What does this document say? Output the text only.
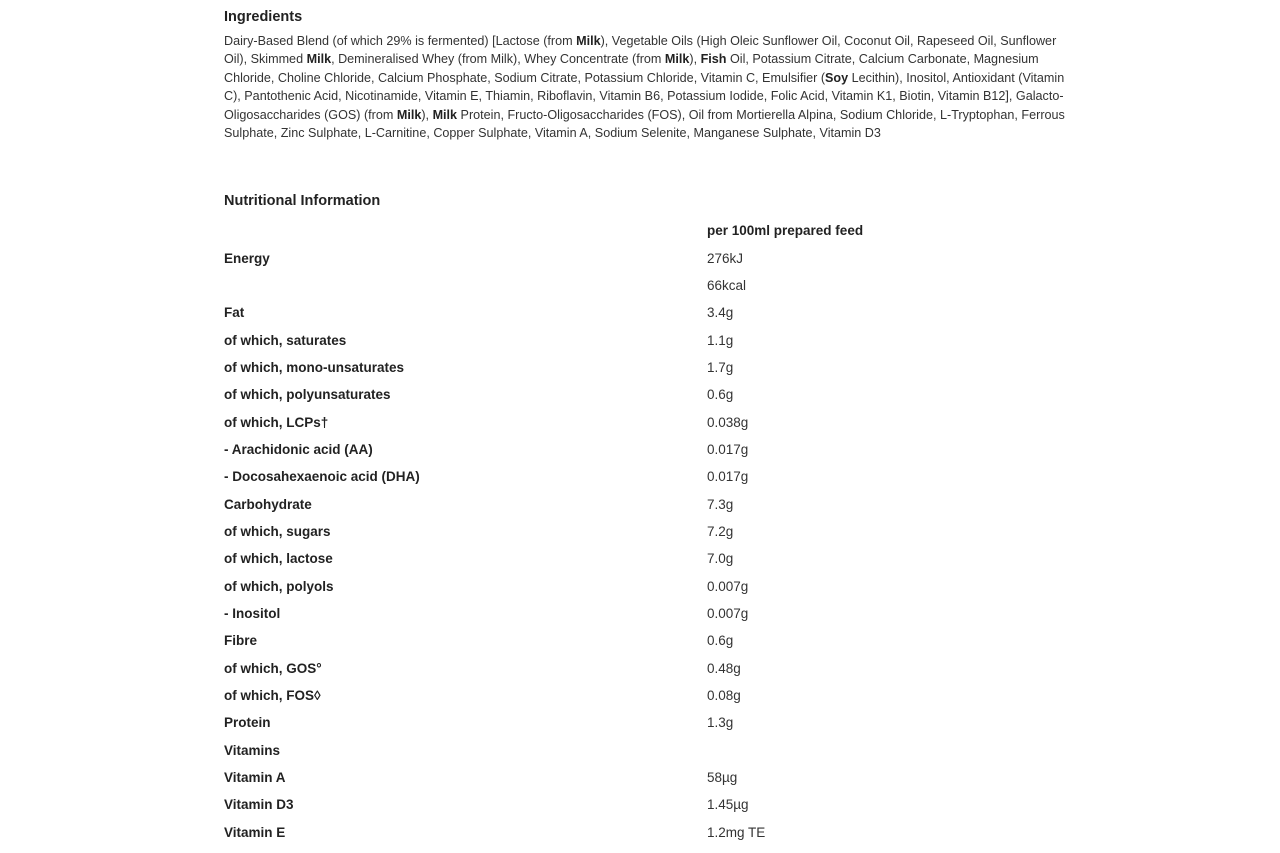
Ingredients
Dairy-Based Blend (of which 29% is fermented) [Lactose (from Milk), Vegetable Oils (High Oleic Sunflower Oil, Coconut Oil, Rapeseed Oil, Sunflower Oil), Skimmed Milk, Demineralised Whey (from Milk), Whey Concentrate (from Milk), Fish Oil, Potassium Citrate, Calcium Carbonate, Magnesium Chloride, Choline Chloride, Calcium Phosphate, Sodium Citrate, Potassium Chloride, Vitamin C, Emulsifier (Soy Lecithin), Inositol, Antioxidant (Vitamin C), Pantothenic Acid, Nicotinamide, Vitamin E, Thiamin, Riboflavin, Vitamin B6, Potassium Iodide, Folic Acid, Vitamin K1, Biotin, Vitamin B12], Galacto-Oligosaccharides (GOS) (from Milk), Milk Protein, Fructo-Oligosaccharides (FOS), Oil from Mortierella Alpina, Sodium Chloride, L-Tryptophan, Ferrous Sulphate, Zinc Sulphate, L-Carnitine, Copper Sulphate, Vitamin A, Sodium Selenite, Manganese Sulphate, Vitamin D3
Nutritional Information
	per 100ml prepared feed
Energy	276kJ
	66kcal
Fat	3.4g
of which, saturates	1.1g
of which, mono-unsaturates	1.7g
of which, polyunsaturates	0.6g
of which, LCPs†	0.038g
- Arachidonic acid (AA)	0.017g
- Docosahexaenoic acid (DHA)	0.017g
Carbohydrate	7.3g
of which, sugars	7.2g
of which, lactose	7.0g
of which, polyols	0.007g
- Inositol	0.007g
Fibre	0.6g
of which, GOS°	0.48g
of which, FOS◊	0.08g
Protein	1.3g
Vitamins	
Vitamin A	58µg
Vitamin D3	1.45µg
Vitamin E	1.2mg TE
